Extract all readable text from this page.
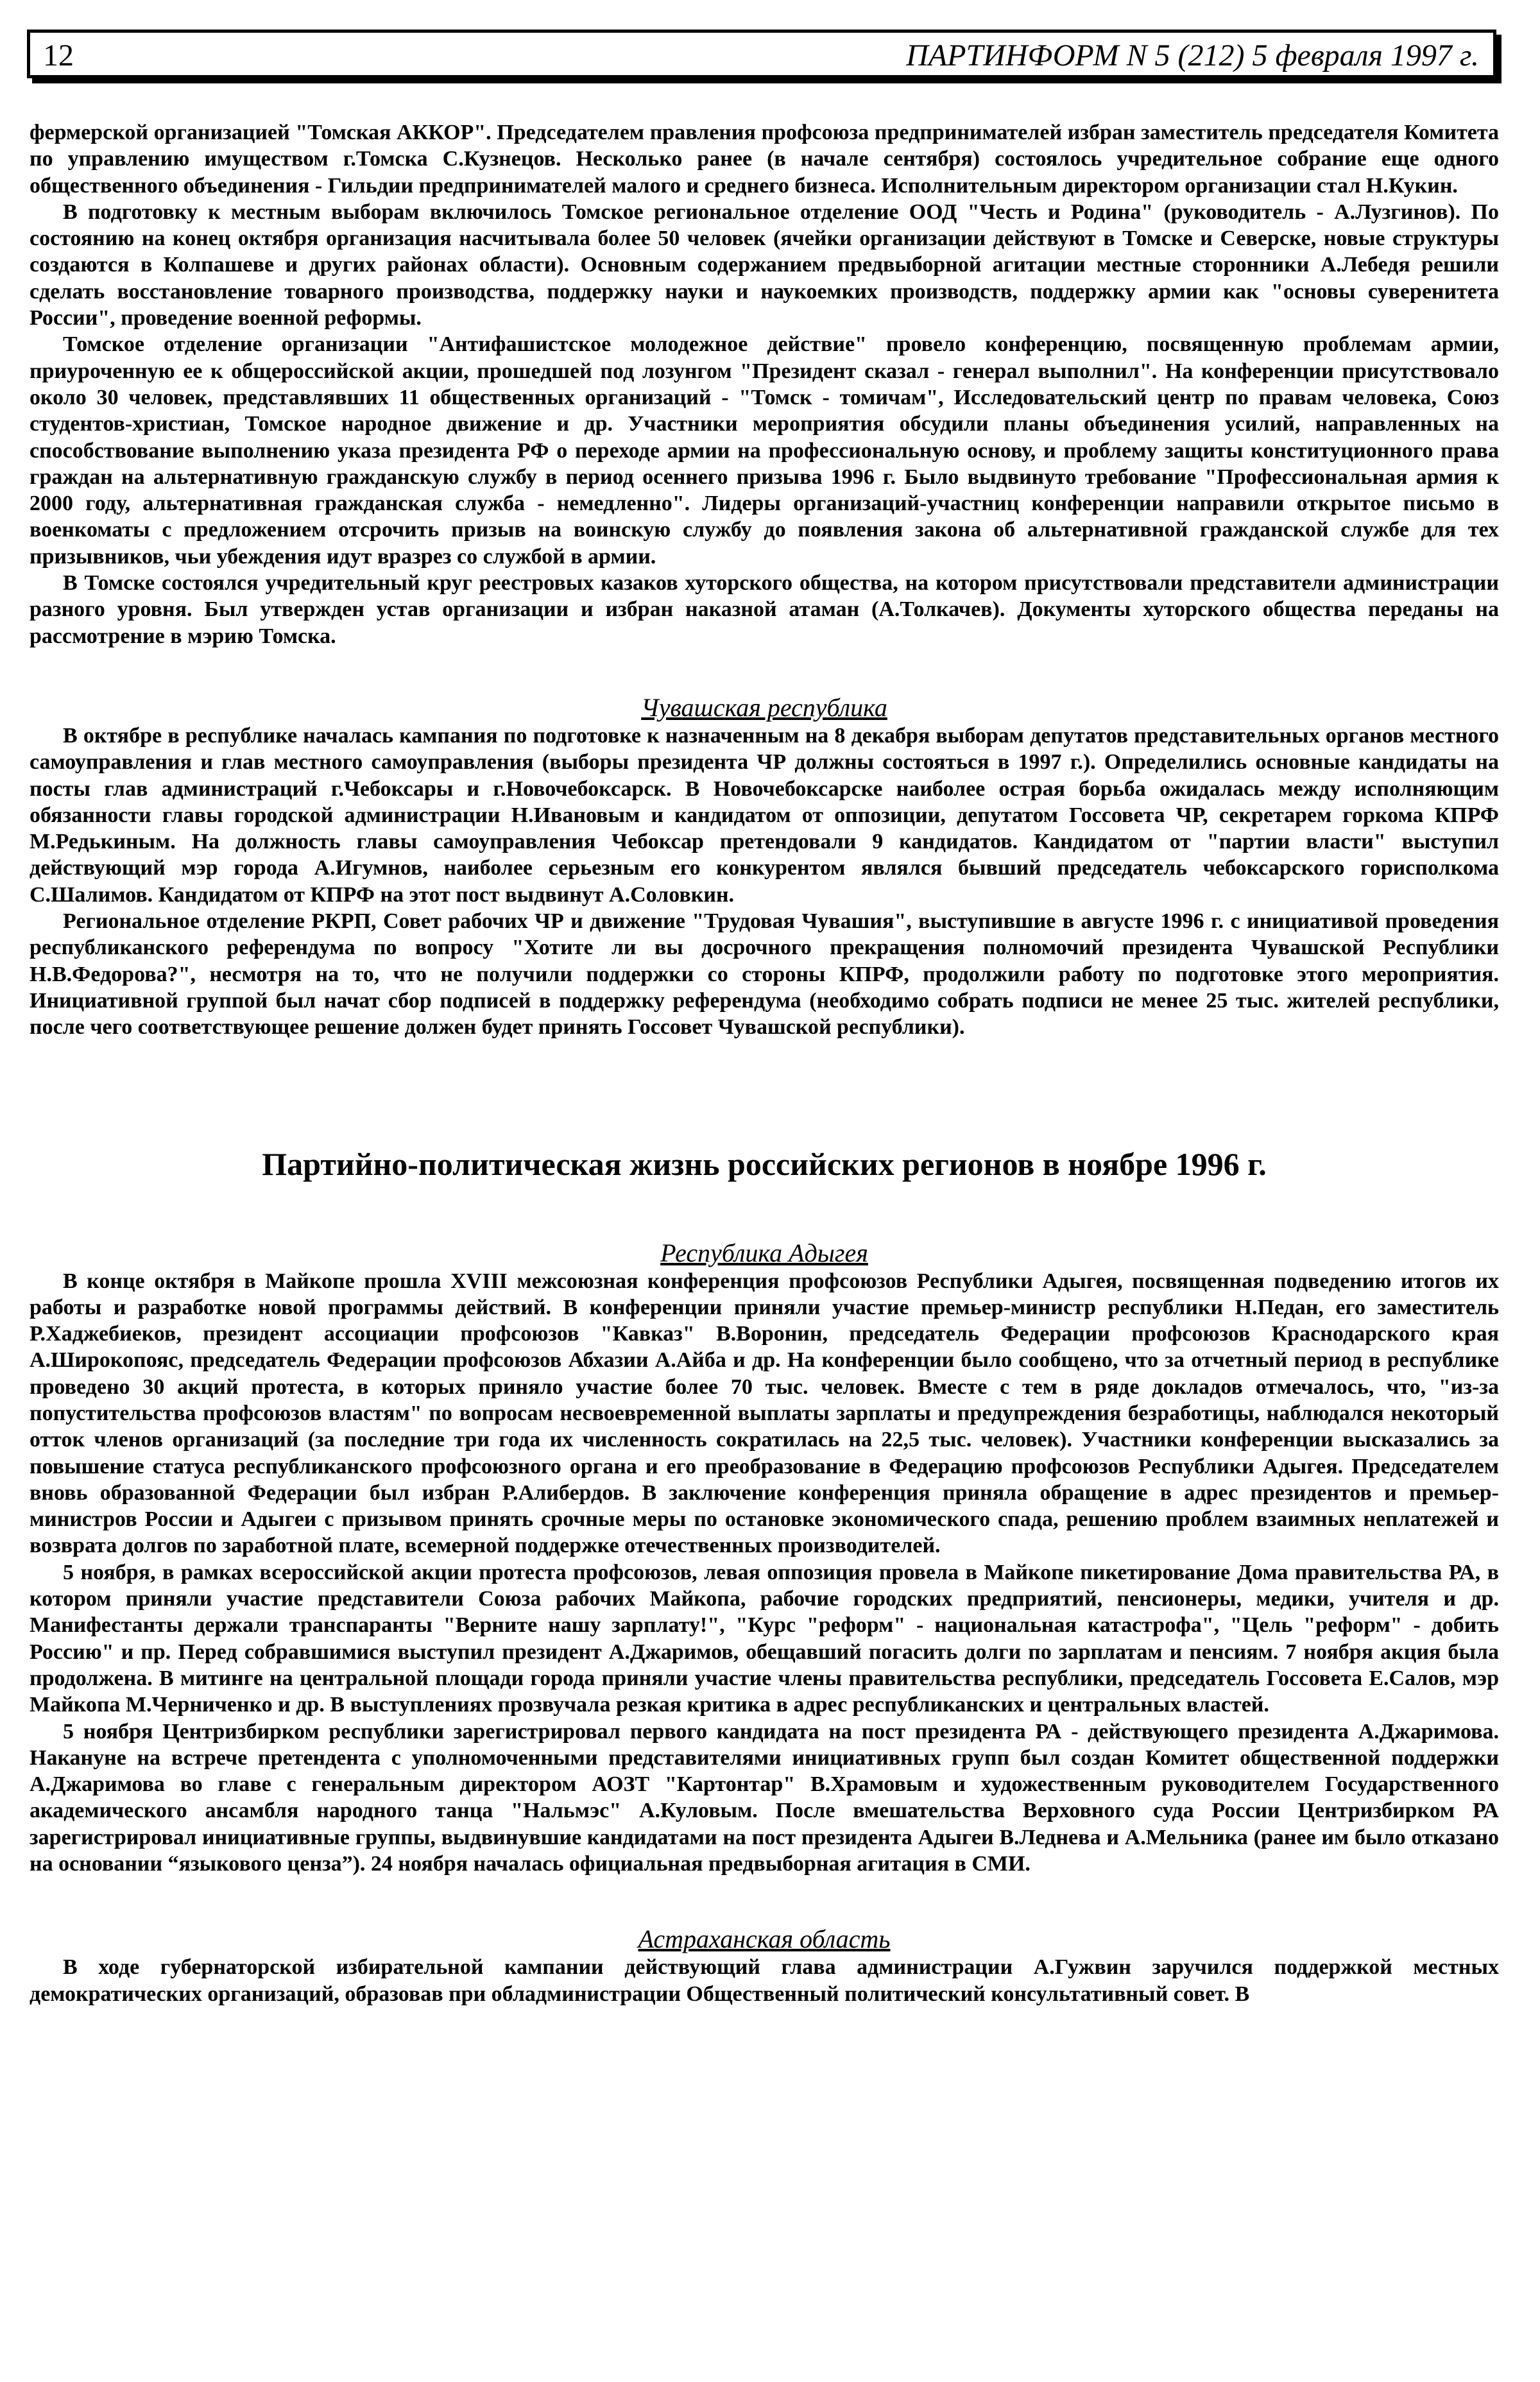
12	ПАРТИНФОРМ N 5 (212) 5 февраля 1997 г.

фермерской организацией "Томская АККОР". Председателем правления профсоюза предпринимателей избран заместитель председателя Комитета по управлению имуществом г.Томска С.Кузнецов. Несколько ранее (в начале сентября) состоялось учредительное собрание еще одного общественного объединения - Гильдии предпринимателей малого и среднего бизнеса. Исполнительным директором организации стал Н.Кукин.

В подготовку к местным выборам включилось Томское региональное отделение ООД "Честь и Родина" (руководитель - А.Лузгинов). По состоянию на конец октября организация насчитывала более 50 человек (ячейки организации действуют в Томске и Северске, новые структуры создаются в Колпашеве и других районах области). Основным содержанием предвыборной агитации местные сторонники А.Лебедя решили сделать восстановление товарного производства, поддержку науки и наукоемких производств, поддержку армии как "основы суверенитета России", проведение военной реформы.

Томское отделение организации "Антифашистское молодежное действие" провело конференцию, посвященную проблемам армии, приуроченную ее к общероссийской акции, прошедшей под лозунгом "Президент сказал - генерал выполнил". На конференции присутствовало около 30 человек, представлявших 11 общественных организаций - "Томск - томичам", Исследовательский центр по правам человека, Союз студентов-христиан, Томское народное движение и др. Участники мероприятия обсудили планы объединения усилий, направленных на способствование выполнению указа президента РФ о переходе армии на профессиональную основу, и проблему защиты конституционного права граждан на альтернативную гражданскую службу в период осеннего призыва 1996 г. Было выдвинуто требование "Профессиональная армия к 2000 году, альтернативная гражданская служба - немедленно". Лидеры организаций-участниц конференции направили открытое письмо в военкоматы с предложением отсрочить призыв на воинскую службу до появления закона об альтернативной гражданской службе для тех призывников, чьи убеждения идут вразрез со службой в армии.

В Томске состоялся учредительный круг реестровых казаков хуторского общества, на котором присутствовали представители администрации разного уровня. Был утвержден устав организации и избран наказной атаман (А.Толкачев). Документы хуторского общества переданы на рассмотрение в мэрию Томска.

Чувашская республика

В октябре в республике началась кампания по подготовке к назначенным на 8 декабря выборам депутатов представительных органов местного самоуправления и глав местного самоуправления (выборы президента ЧР должны состояться в 1997 г.). Определились основные кандидаты на посты глав администраций г.Чебоксары и г.Новочебоксарск. В Новочебоксарске наиболее острая борьба ожидалась между исполняющим обязанности главы городской администрации Н.Ивановым и кандидатом от оппозиции, депутатом Госсовета ЧР, секретарем горкома КПРФ М.Редькиным. На должность главы самоуправления Чебоксар претендовали 9 кандидатов. Кандидатом от "партии власти" выступил действующий мэр города А.Игумнов, наиболее серьезным его конкурентом являлся бывший председатель чебоксарского горисполкома С.Шалимов. Кандидатом от КПРФ на этот пост выдвинут А.Соловкин.

Региональное отделение РКРП, Совет рабочих ЧР и движение "Трудовая Чувашия", выступившие в августе 1996 г. с инициативой проведения республиканского референдума по вопросу "Хотите ли вы досрочного прекращения полномочий президента Чувашской Республики Н.В.Федорова?", несмотря на то, что не получили поддержки со стороны КПРФ, продолжили работу по подготовке этого мероприятия. Инициативной группой был начат сбор подписей в поддержку референдума (необходимо собрать подписи не менее 25 тыс. жителей республики, после чего соответствующее решение должен будет принять Госсовет Чувашской республики).

Партийно-политическая жизнь российских регионов в ноябре 1996 г.
Республика Адыгея

В конце октября в Майкопе прошла XVIII межсоюзная конференция профсоюзов Республики Адыгея, посвященная подведению итогов их работы и разработке новой программы действий. В конференции приняли участие премьер-министр республики Н.Педан, его заместитель Р.Хаджебиеков, президент ассоциации профсоюзов "Кавказ" В.Воронин, председатель Федерации профсоюзов Краснодарского края А.Широкопояс, председатель Федерации профсоюзов Абхазии А.Айба и др. На конференции было сообщено, что за отчетный период в республике проведено 30 акций протеста, в которых приняло участие более 70 тыс. человек. Вместе с тем в ряде докладов отмечалось, что, "из-за попустительства профсоюзов властям" по вопросам несвоевременной выплаты зарплаты и предупреждения безработицы, наблюдался некоторый отток членов организаций (за последние три года их численность сократилась на 22,5 тыс. человек). Участники конференции высказались за повышение статуса республиканского профсоюзного органа и его преобразование в Федерацию профсоюзов Республики Адыгея. Председателем вновь образованной Федерации был избран Р.Алибердов. В заключение конференция приняла обращение в адрес президентов и премьер-министров России и Адыгеи с призывом принять срочные меры по остановке экономического спада, решению проблем взаимных неплатежей и возврата долгов по заработной плате, всемерной поддержке отечественных производителей.

5 ноября, в рамках всероссийской акции протеста профсоюзов, левая оппозиция провела в Майкопе пикетирование Дома правительства РА, в котором приняли участие представители Союза рабочих Майкопа, рабочие городских предприятий, пенсионеры, медики, учителя и др. Манифестанты держали транспаранты "Верните нашу зарплату!", "Курс "реформ" - национальная катастрофа", "Цель "реформ" - добить Россию" и пр. Перед собравшимися выступил президент А.Джаримов, обещавший погасить долги по зарплатам и пенсиям. 7 ноября акция была продолжена. В митинге на центральной площади города приняли участие члены правительства республики, председатель Госсовета Е.Салов, мэр Майкопа М.Черниченко и др. В выступлениях прозвучала резкая критика в адрес республиканских и центральных властей.

5 ноября Центризбирком республики зарегистрировал первого кандидата на пост президента РА - действующего президента А.Джаримова. Накануне на встрече претендента с уполномоченными представителями инициативных групп был создан Комитет общественной поддержки А.Джаримова во главе с генеральным директором АОЗТ "Картонтар" В.Храмовым и художественным руководителем Государственного академического ансамбля народного танца "Нальмэс" А.Куловым. После вмешательства Верховного суда России Центризбирком РА зарегистрировал инициативные группы, выдвинувшие кандидатами на пост президента Адыгеи В.Леднева и А.Мельника (ранее им было отказано на основании “языкового ценза”). 24 ноября началась официальная предвыборная агитация в СМИ.

Астраханская область

В ходе губернаторской избирательной кампании действующий глава администрации А.Гужвин заручился поддержкой местных демократических организаций, образовав при обладминистрации Общественный политический консультативный совет. В
